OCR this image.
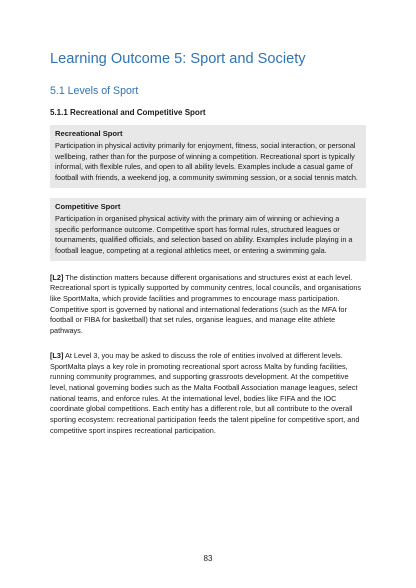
Learning Outcome 5: Sport and Society
5.1 Levels of Sport
5.1.1 Recreational and Competitive Sport

Recreational Sport

Participation in physical activity primarily for enjoyment, fitness, social interaction, or personal wellbeing, rather than for the purpose of winning a competition. Recreational sport is typically informal, with flexible rules, and open to all ability levels. Examples include a casual game of football with friends, a weekend jog, a community swimming session, or a social tennis match.

Competitive Sport

Participation in organised physical activity with the primary aim of winning or achieving a specific performance outcome. Competitive sport has formal rules, structured leagues or tournaments, qualified officials, and selection based on ability. Examples include playing in a football league, competing at a regional athletics meet, or entering a swimming gala.

[L2] The distinction matters because different organisations and structures exist at each level. Recreational sport is typically supported by community centres, local councils, and organisations like SportMalta, which provide facilities and programmes to encourage mass participation. Competitive sport is governed by national and international federations (such as the MFA for football or FIBA for basketball) that set rules, organise leagues, and manage elite athlete pathways.

[L3] At Level 3, you may be asked to discuss the role of entities involved at different levels. SportMalta plays a key role in promoting recreational sport across Malta by funding facilities, running community programmes, and supporting grassroots development. At the competitive level, national governing bodies such as the Malta Football Association manage leagues, select national teams, and enforce rules. At the international level, bodies like FIFA and the IOC coordinate global competitions. Each entity has a different role, but all contribute to the overall sporting ecosystem: recreational participation feeds the talent pipeline for competitive sport, and competitive sport inspires recreational participation.

83
